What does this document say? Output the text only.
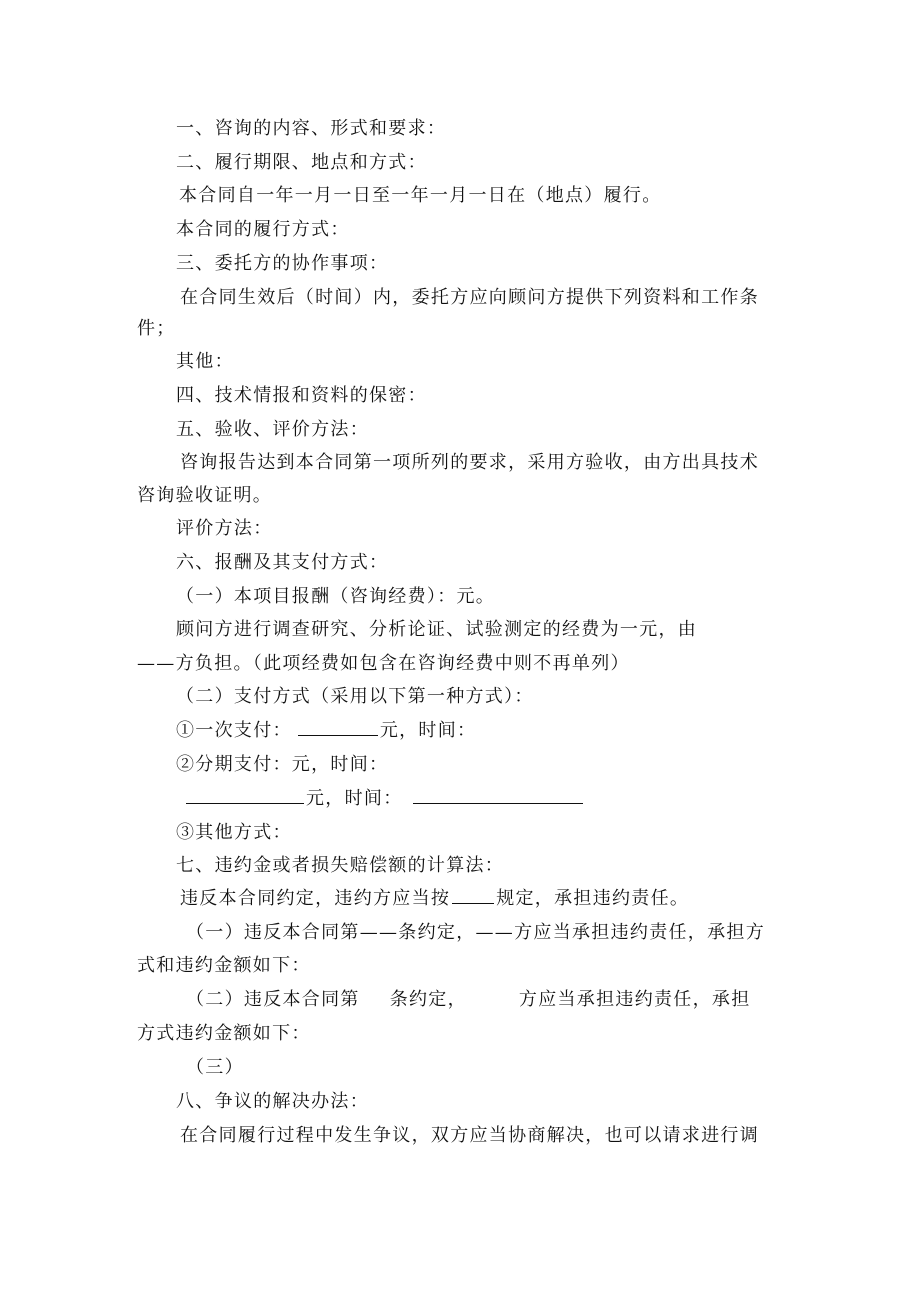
一、咨询的内容、形式和要求：
二、履行期限、地点和方式：
本合同自一年一月一日至一年一月一日在（地点）履行。
本合同的履行方式：
三、委托方的协作事项：
在合同生效后（时间）内，委托方应向顾问方提供下列资料和工作条
件；
其他：
四、技术情报和资料的保密：
五、验收、评价方法：
咨询报告达到本合同第一项所列的要求，采用方验收，由方出具技术
咨询验收证明。
评价方法：
六、报酬及其支付方式：
（一）本项目报酬（咨询经费）：元。
顾问方进行调查研究、分析论证、试验测定的经费为一元，由
——方负担。（此项经费如包含在咨询经费中则不再单列）
（二）支付方式（采用以下第一种方式）：
①一次支付：	元，时间：
②分期支付：元，时间：
元，时间：
③其他方式：
七、违约金或者损失赔偿额的计算法：
违反本合同约定，违约方应当按	规定，承担违约责任。
（一）违反本合同第——条约定，——方应当承担违约责任，承担方
式和违约金额如下：
（二）违反本合同第 条约定，	方应当承担违约责任，承担
方式违约金额如下：
（三）
八、争议的解决办法：
在合同履行过程中发生争议，双方应当协商解决，也可以请求进行调
